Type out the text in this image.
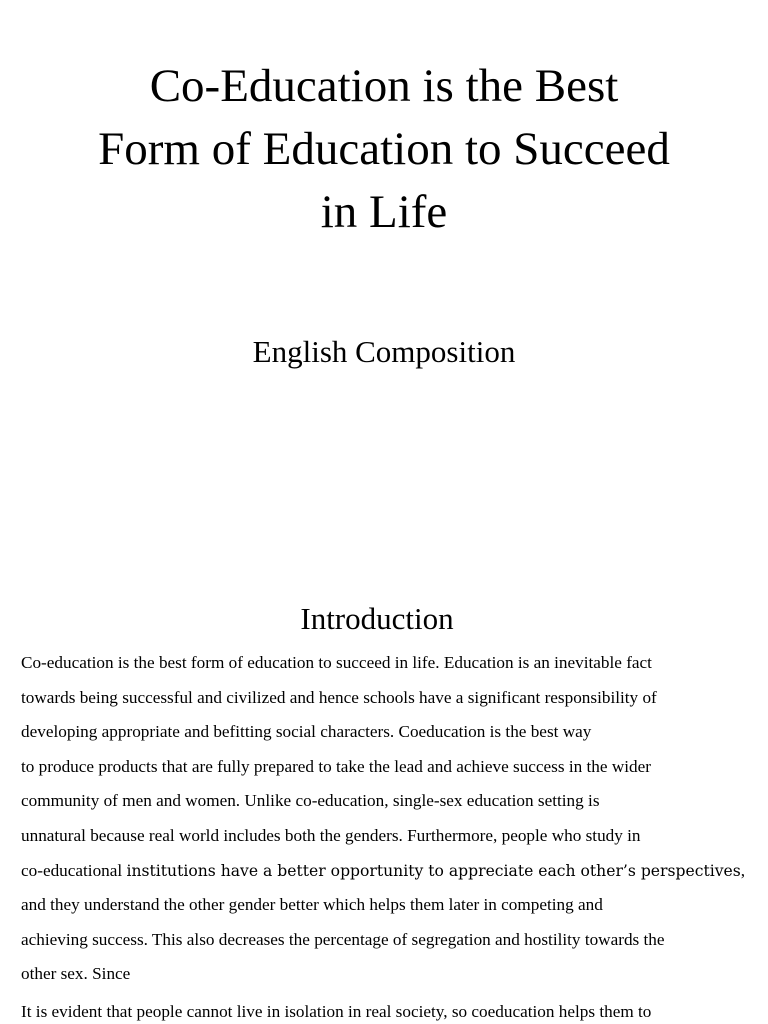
Co-Education is the Best
Form of Education to Succeed
in Life
English Composition
Introduction

Co-education is the best form of education to succeed in life. Education is an inevitable fact
towards being successful and civilized and hence schools have a significant responsibility of
developing appropriate and befitting social characters. Coeducation is the best way
to produce products that are fully prepared to take the lead and achieve success in the wider
community of men and women. Unlike co-education, single-sex education setting is
unnatural because real world includes both the genders. Furthermore, people who study in
co-educational institutions have a better opportunity to appreciate each other’s perspectives,
and they understand the other gender better which helps them later in competing and
achieving success. This also decreases the percentage of segregation and hostility towards the
other sex. Since

It is evident that people cannot live in isolation in real society, so coeducation helps them to
